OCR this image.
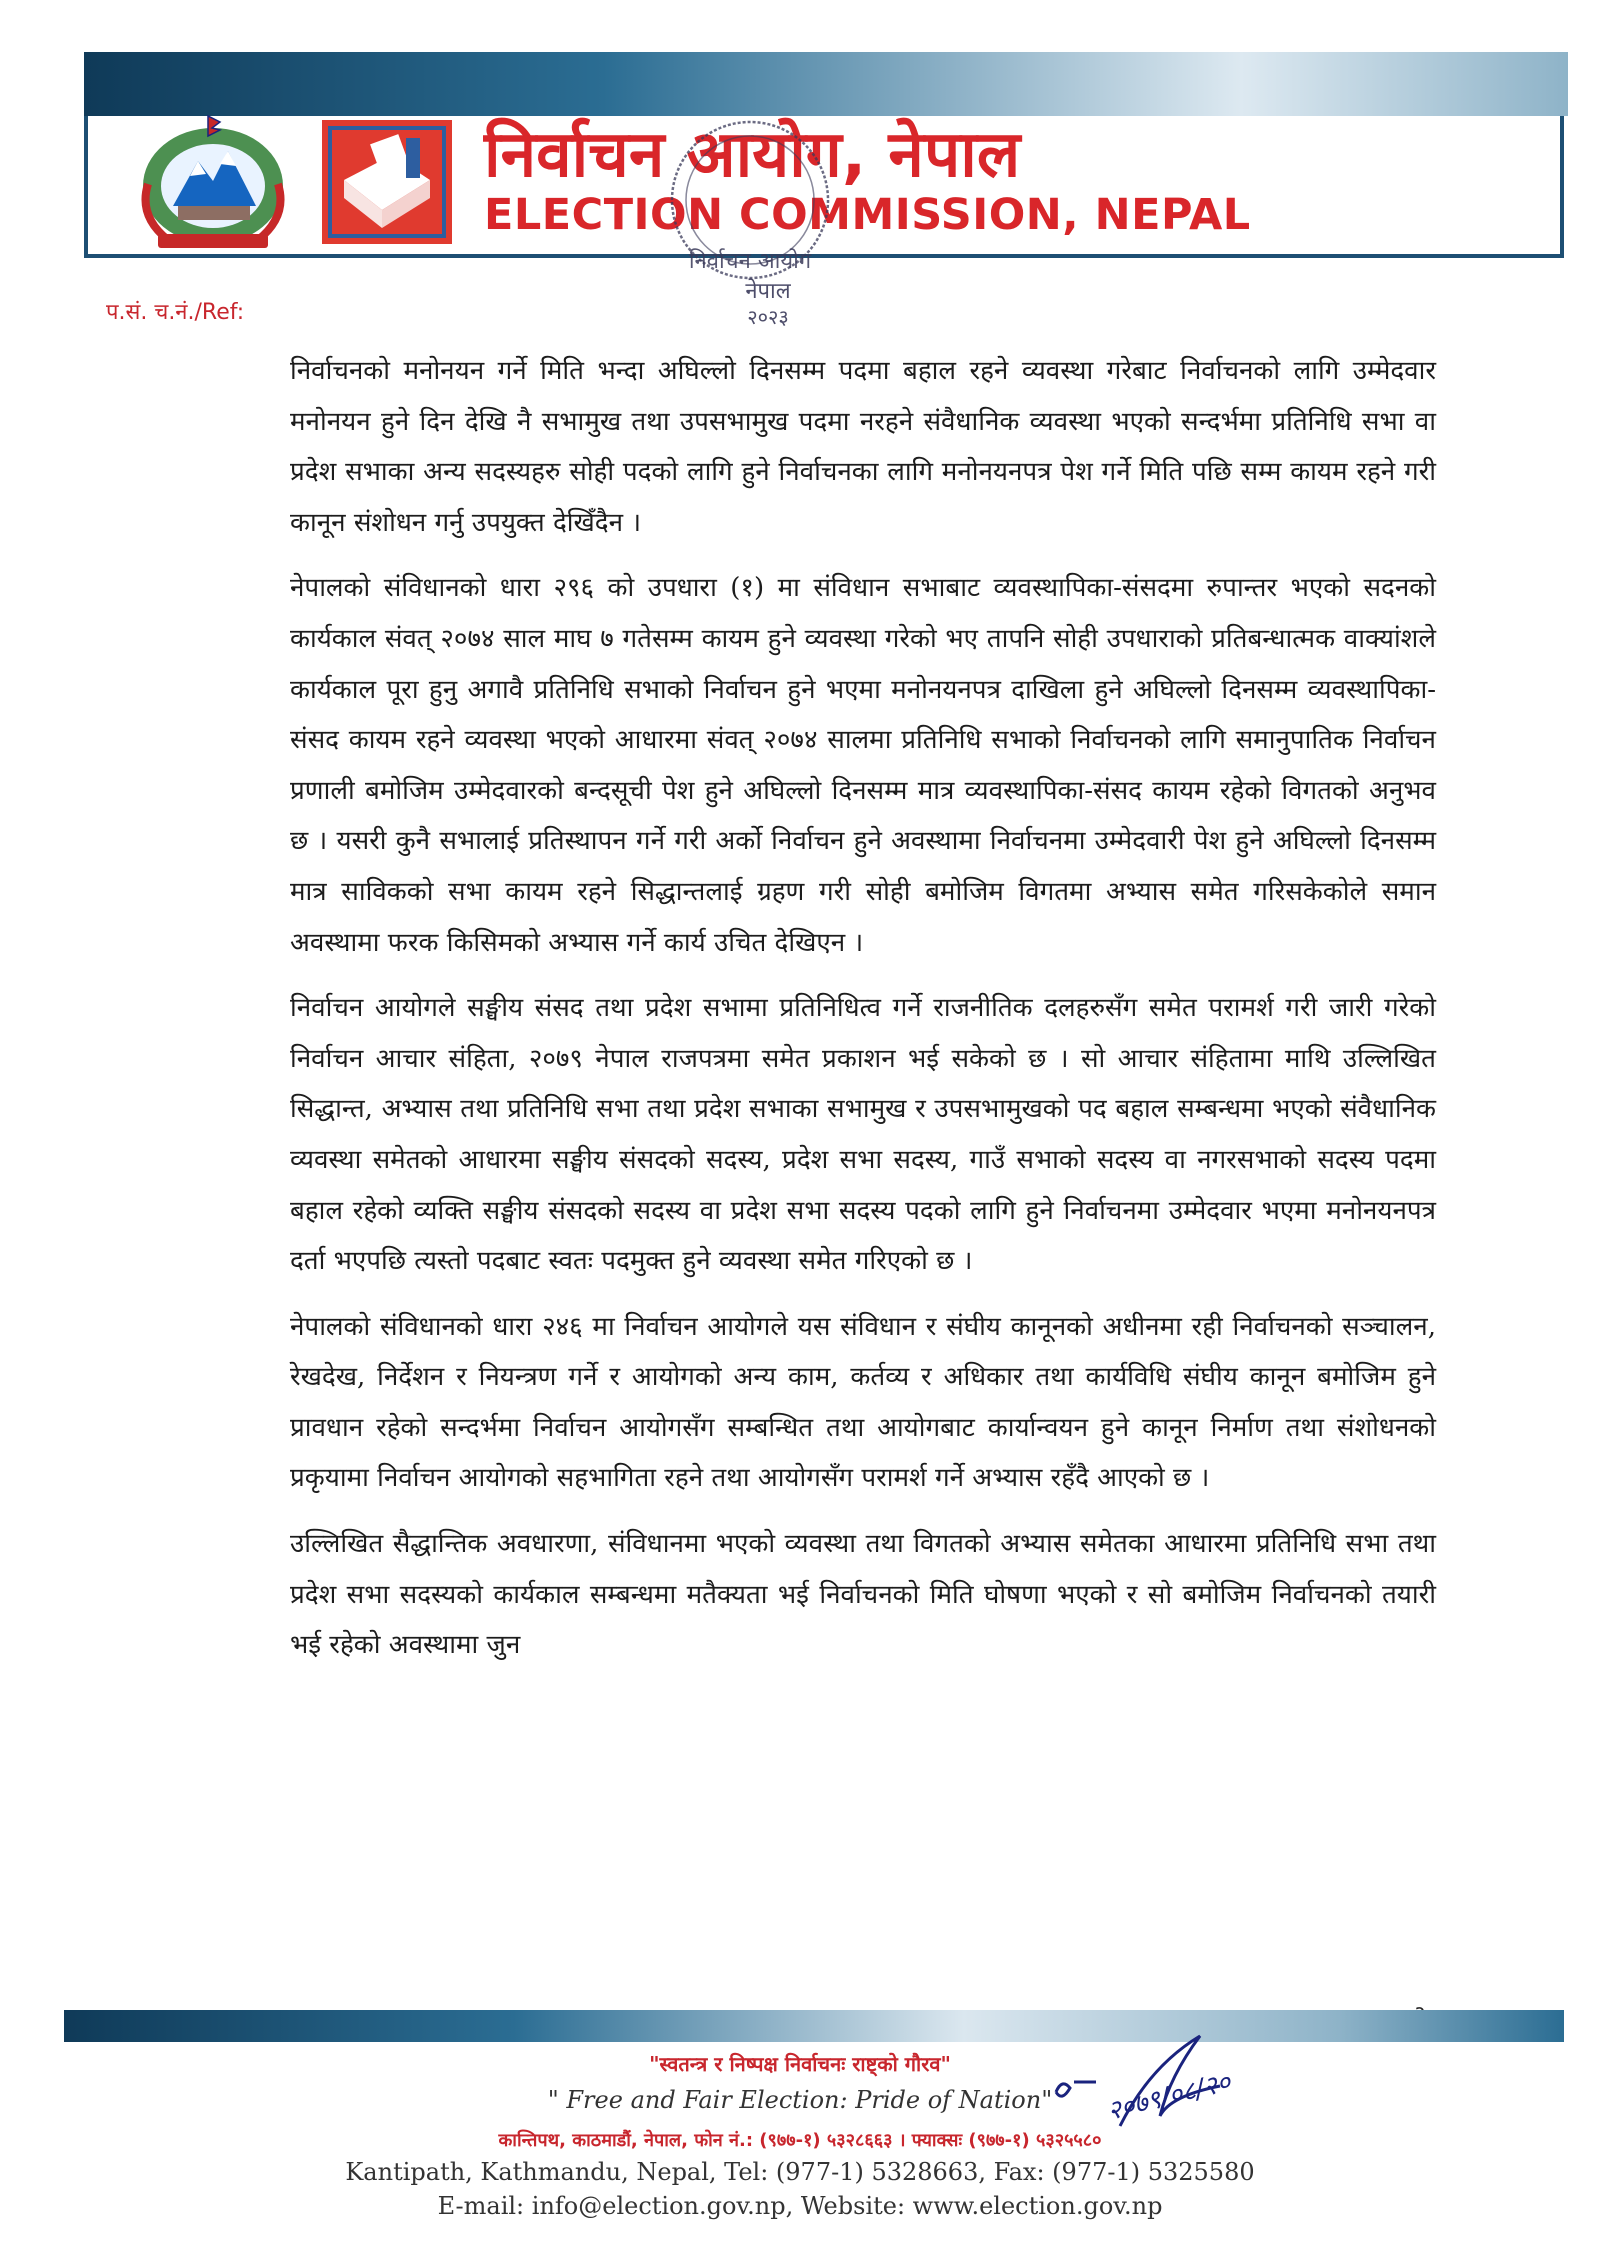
निर्वाचन आयोग, नेपाल
ELECTION COMMISSION, NEPAL
निर्वाचन आयोग
नेपाल
२०२३
प.सं. च.नं./Ref:

निर्वाचनको मनोनयन गर्ने मिति भन्दा अघिल्लो दिनसम्म पदमा बहाल रहने व्यवस्था गरेबाट निर्वाचनको लागि उम्मेदवार मनोनयन हुने दिन देखि नै सभामुख तथा उपसभामुख पदमा नरहने संवैधानिक व्यवस्था भएको सन्दर्भमा प्रतिनिधि सभा वा प्रदेश सभाका अन्य सदस्यहरु सोही पदको लागि हुने निर्वाचनका लागि मनोनयनपत्र पेश गर्ने मिति पछि सम्म कायम रहने गरी कानून संशोधन गर्नु उपयुक्त देखिँदैन ।

नेपालको संविधानको धारा २९६ को उपधारा (१) मा संविधान सभाबाट व्यवस्थापिका-संसदमा रुपान्तर भएको सदनको कार्यकाल संवत् २०७४ साल माघ ७ गतेसम्म कायम हुने व्यवस्था गरेको भए तापनि सोही उपधाराको प्रतिबन्धात्मक वाक्यांशले कार्यकाल पूरा हुनु अगावै प्रतिनिधि सभाको निर्वाचन हुने भएमा मनोनयनपत्र दाखिला हुने अघिल्लो दिनसम्म व्यवस्थापिका-संसद कायम रहने व्यवस्था भएको आधारमा संवत् २०७४ सालमा प्रतिनिधि सभाको निर्वाचनको लागि समानुपातिक निर्वाचन प्रणाली बमोजिम उम्मेदवारको बन्दसूची पेश हुने अघिल्लो दिनसम्म मात्र व्यवस्थापिका-संसद कायम रहेको विगतको अनुभव छ । यसरी कुनै सभालाई प्रतिस्थापन गर्ने गरी अर्को निर्वाचन हुने अवस्थामा निर्वाचनमा उम्मेदवारी पेश हुने अघिल्लो दिनसम्म मात्र साविकको सभा कायम रहने सिद्धान्तलाई ग्रहण गरी सोही बमोजिम विगतमा अभ्यास समेत गरिसकेकोले समान अवस्थामा फरक किसिमको अभ्यास गर्ने कार्य उचित देखिएन ।

निर्वाचन आयोगले सङ्घीय संसद तथा प्रदेश सभामा प्रतिनिधित्व गर्ने राजनीतिक दलहरुसँग समेत परामर्श गरी जारी गरेको निर्वाचन आचार संहिता, २०७९ नेपाल राजपत्रमा समेत प्रकाशन भई सकेको छ । सो आचार संहितामा माथि उल्लिखित सिद्धान्त, अभ्यास तथा प्रतिनिधि सभा तथा प्रदेश सभाका सभामुख र उपसभामुखको पद बहाल सम्बन्धमा भएको संवैधानिक व्यवस्था समेतको आधारमा सङ्घीय संसदको सदस्य, प्रदेश सभा सदस्य, गाउँ सभाको सदस्य वा नगरसभाको सदस्य पदमा बहाल रहेको व्यक्ति सङ्घीय संसदको सदस्य वा प्रदेश सभा सदस्य पदको लागि हुने निर्वाचनमा उम्मेदवार भएमा मनोनयनपत्र दर्ता भएपछि त्यस्तो पदबाट स्वतः पदमुक्त हुने व्यवस्था समेत गरिएको छ ।

नेपालको संविधानको धारा २४६ मा निर्वाचन आयोगले यस संविधान र संघीय कानूनको अधीनमा रही निर्वाचनको सञ्चालन, रेखदेख, निर्देशन र नियन्त्रण गर्ने र आयोगको अन्य काम, कर्तव्य र अधिकार तथा कार्यविधि संघीय कानून बमोजिम हुने प्रावधान रहेको सन्दर्भमा निर्वाचन आयोगसँग सम्बन्धित तथा आयोगबाट कार्यान्वयन हुने कानून निर्माण तथा संशोधनको प्रकृयामा निर्वाचन आयोगको सहभागिता रहने तथा आयोगसँग परामर्श गर्ने अभ्यास रहँदै आएको छ ।

उल्लिखित सैद्धान्तिक अवधारणा, संविधानमा भएको व्यवस्था तथा विगतको अभ्यास समेतका आधारमा प्रतिनिधि सभा तथा प्रदेश सभा सदस्यको कार्यकाल सम्बन्धमा मतैक्यता भई निर्वाचनको मिति घोषणा भएको र सो बमोजिम निर्वाचनको तयारी भई रहेको अवस्थामा जुन

२०७९/०८/२०
"स्वतन्त्र र निष्पक्ष निर्वाचनः राष्ट्को गौरव"
" Free and Fair Election: Pride of Nation"
कान्तिपथ, काठमाडौं, नेपाल, फोन नं.: (९७७-१) ५३२८६६३ । फ्याक्सः (९७७-१) ५३२५५८०
Kantipath, Kathmandu, Nepal, Tel: (977-1) 5328663, Fax: (977-1) 5325580
E-mail: info@election.gov.np, Website: www.election.gov.np
